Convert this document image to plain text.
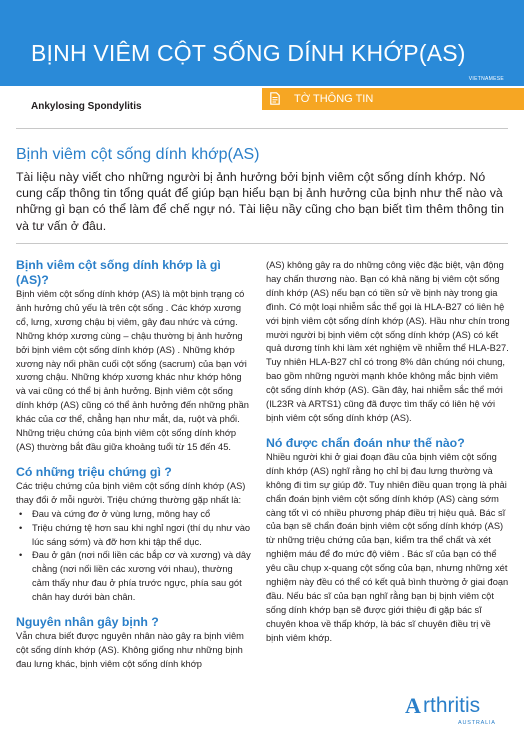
BỊNH VIÊM CỘT SỐNG DÍNH KHỚP(AS)
VIETNAMESE
Ankylosing Spondylitis
TỜ THÔNG TIN
Bịnh viêm cột sống dính khớp(AS)
Tài liệu này viết cho những người bị ảnh hưởng bởi bịnh viêm cột sống dính khớp. Nó cung cấp thông tin tổng quát để giúp bạn hiểu bạn bị ảnh hưởng của bịnh như thế nào và những gì bạn có thể làm để chế ngự nó. Tài liệu nầy cũng cho bạn biết tìm thêm thông tin và tư vấn ở đâu.
Bịnh viêm cột sống dính khớp là gì (AS)?

Bịnh viêm cột sống dính khớp (AS) là một bịnh trạng có ảnh hưởng chủ yếu là trên cột sống . Các khớp xương cổ, lưng, xương chậu bị viêm, gây đau nhức và cứng. Những khớp xương cùng – chậu thường bị ảnh hưởng bởi bịnh viêm cột sống dính khớp (AS) . Những khớp xương này nối phần cuối cột sống (sacrum) của bạn với xương chậu. Những khớp xương khác như khớp hông và vai cũng có thể bị ảnh hưởng. Bịnh viêm cột sống dính khớp (AS) cũng có thể ảnh hưởng đến những phần khác của cơ thể, chẳng hạn như mắt, da, ruột và phổi. Những triệu chứng của bịnh viêm cột sống dính khớp (AS) thường bắt đầu giữa khoảng tuổi từ 15 đến 45.

Có những triệu chứng gì ?

Các triệu chứng của bịnh viêm cột sống dính khớp (AS) thay đổi ở mỗi người. Triệu chứng thường gặp nhất là:

• Đau và cứng đơ ở vùng lưng, mông hay cổ
• Triệu chứng tệ hơn sau khi nghỉ ngơi (thí dụ như vào lúc sáng sớm) và đỡ hơn khi tập thể dục.
• Đau ở gân (nơi nối liền các bắp cơ và xương) và dây chằng (nơi nối liền các xương với nhau), thường cảm thấy như đau ở phía trước ngực, phía sau gót chân hay dưới bàn chân.
Nguyên nhân gây bịnh ?

Vẫn chưa biết được nguyên nhân nào gây ra bịnh viêm cột sống dính khớp (AS). Không giống như những bịnh đau lưng khác, bịnh viêm cột sống dính khớp

(AS) không gây ra do những công việc đặc biệt, vận động hay chấn thương nào. Bạn có khả năng bị viêm cột sống dính khớp (AS) nếu bạn có tiền sử về bịnh này trong gia đình. Có một loại nhiễm sắc thể gọi là HLA-B27 có liên hệ với bịnh viêm cột sống dính khớp (AS). Hầu như chín trong mười người bị bịnh viêm cột sống dính khớp (AS) có kết quả dương tính khi làm xét nghiệm về nhiễm thể HLA-B27. Tuy nhiên HLA-B27 chỉ có trong 8% dân chúng nói chung, bao gồm những người mạnh khỏe không mắc bịnh viêm cột sống dính khớp (AS). Gần đây, hai nhiễm sắc thể mới (IL23R và ARTS1) cũng đã được tìm thấy có liên hệ với bịnh viêm cột sống dính khớp (AS).

Nó được chẩn đoán như thế nào?

Nhiều người khi ở giai đoạn đầu của bịnh viêm cột sống dính khớp (AS) nghĩ rằng họ chỉ bị đau lưng thường và không đi tìm sự giúp đỡ. Tuy nhiên điều quan trọng là phải chẩn đoán bịnh viêm cột sống dính khớp (AS) càng sớm càng tốt vì có nhiều phương pháp điều trị hiệu quả. Bác sĩ của bạn sẽ chẩn đoán bịnh viêm cột sống dính khớp (AS) từ những triệu chứng của bạn, kiểm tra thể chất và xét nghiệm máu để đo mức độ viêm . Bác sĩ của bạn có thể yêu cầu chụp x-quang cột sống của bạn, nhưng những xét nghiệm này đều có thể có kết quả bình thường ở giai đoạn đầu. Nếu bác sĩ của bạn nghĩ rằng bạn bị bịnh viêm cột sống dính khớp bạn sẽ được giới thiệu đi gặp bác sĩ chuyên khoa về thấp khớp, là bác sĩ chuyên điều trị về bịnh viêm khớp.

A rthritis
AUSTRALIA
